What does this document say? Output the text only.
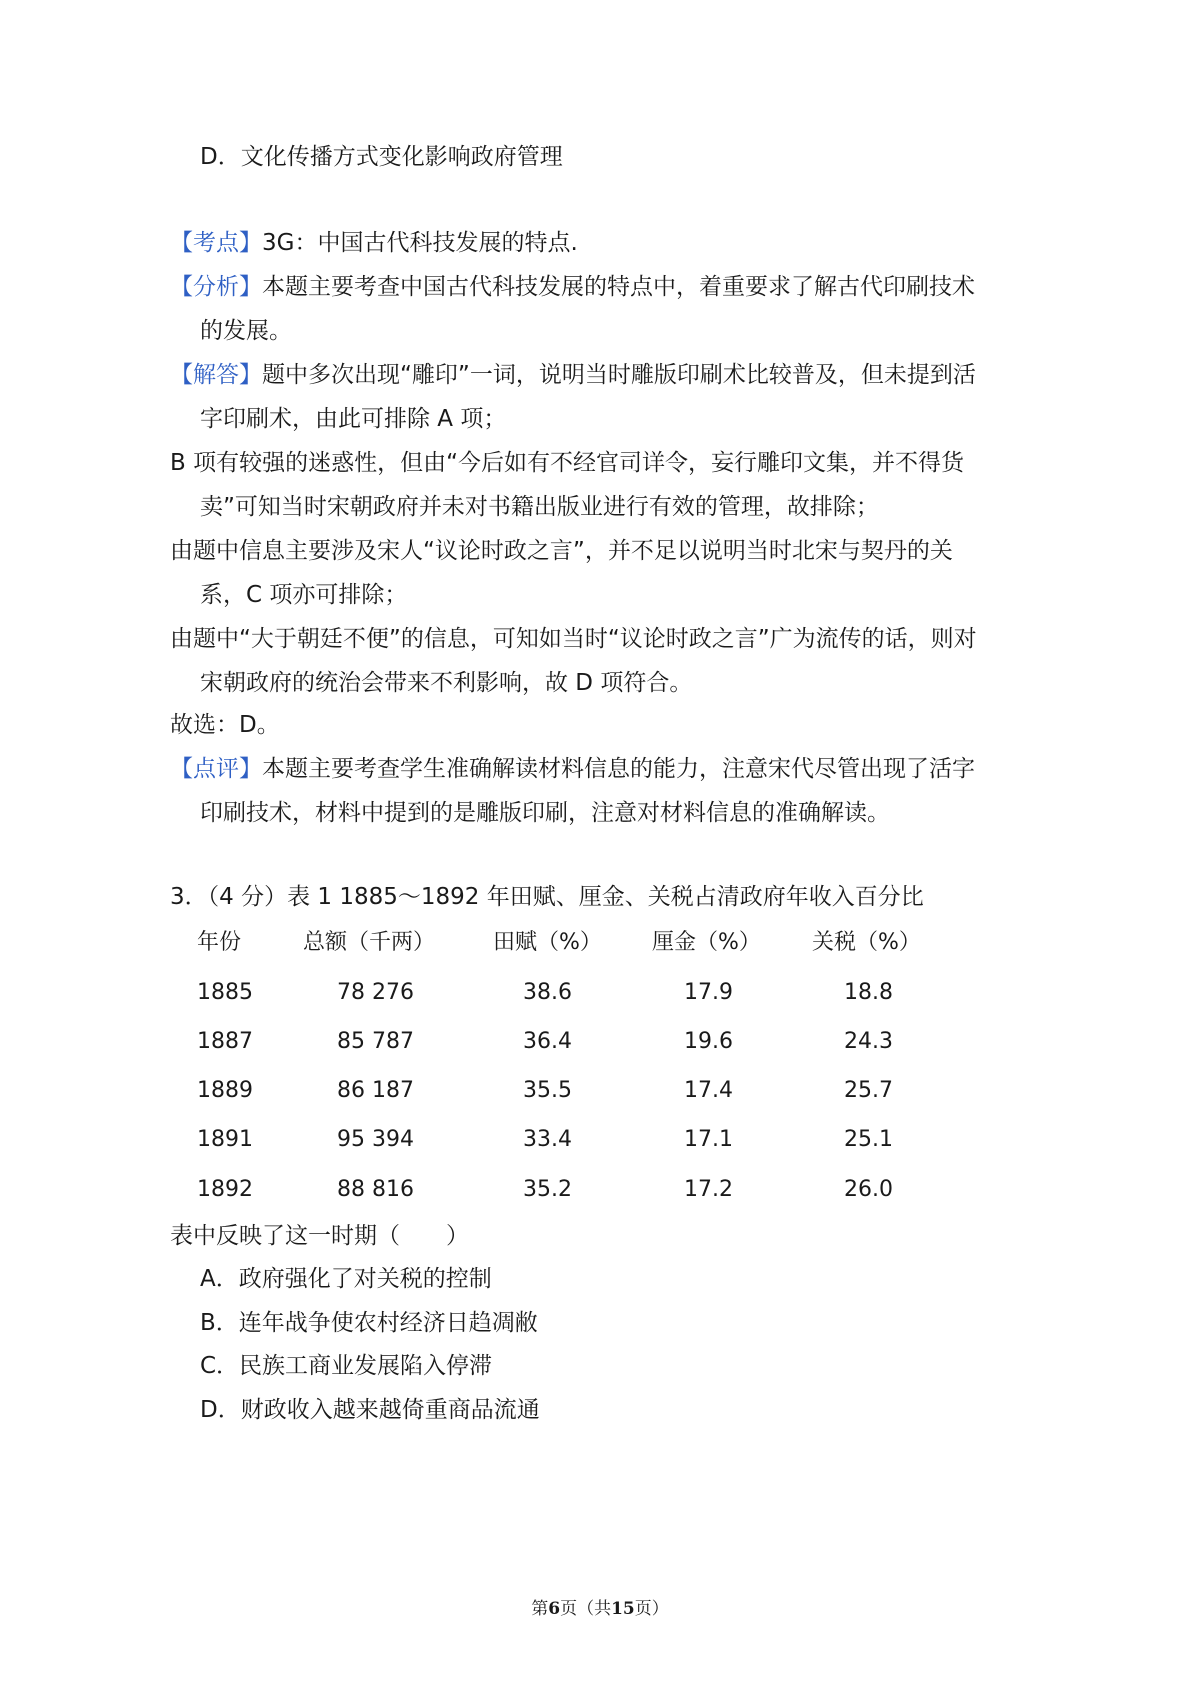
D．文化传播方式变化影响政府管理
【考点】3G：中国古代科技发展的特点.
【分析】本题主要考查中国古代科技发展的特点中，着重要求了解古代印刷技术
的发展。
【解答】题中多次出现“雕印”一词，说明当时雕版印刷术比较普及，但未提到活
字印刷术，由此可排除 A 项；
B 项有较强的迷惑性，但由“今后如有不经官司详令，妄行雕印文集，并不得货
卖”可知当时宋朝政府并未对书籍出版业进行有效的管理，故排除；
由题中信息主要涉及宋人“议论时政之言”，并不足以说明当时北宋与契丹的关
系，C 项亦可排除；
由题中“大于朝廷不便”的信息，可知如当时“议论时政之言”广为流传的话，则对
宋朝政府的统治会带来不利影响，故 D 项符合。
故选：D。
【点评】本题主要考查学生准确解读材料信息的能力，注意宋代尽管出现了活字
印刷技术，材料中提到的是雕版印刷，注意对材料信息的准确解读。
3．（4 分）表 1 1885～1892 年田赋、厘金、关税占清政府年收入百分比
年份	总额（千两）	田赋（%） 厘金（%） 关税（%）
1885	78 276	38.6	17.9	18.8
1887	85 787	36.4	19.6	24.3
1889	86 187	35.5	17.4	25.7
1891	95 394	33.4	17.1	25.1
1892	88 816	35.2	17.2	26.0
表中反映了这一时期（　　）
A．政府强化了对关税的控制
B．连年战争使农村经济日趋凋敝
C．民族工商业发展陷入停滞
D．财政收入越来越倚重商品流通
第6页（共15页）
